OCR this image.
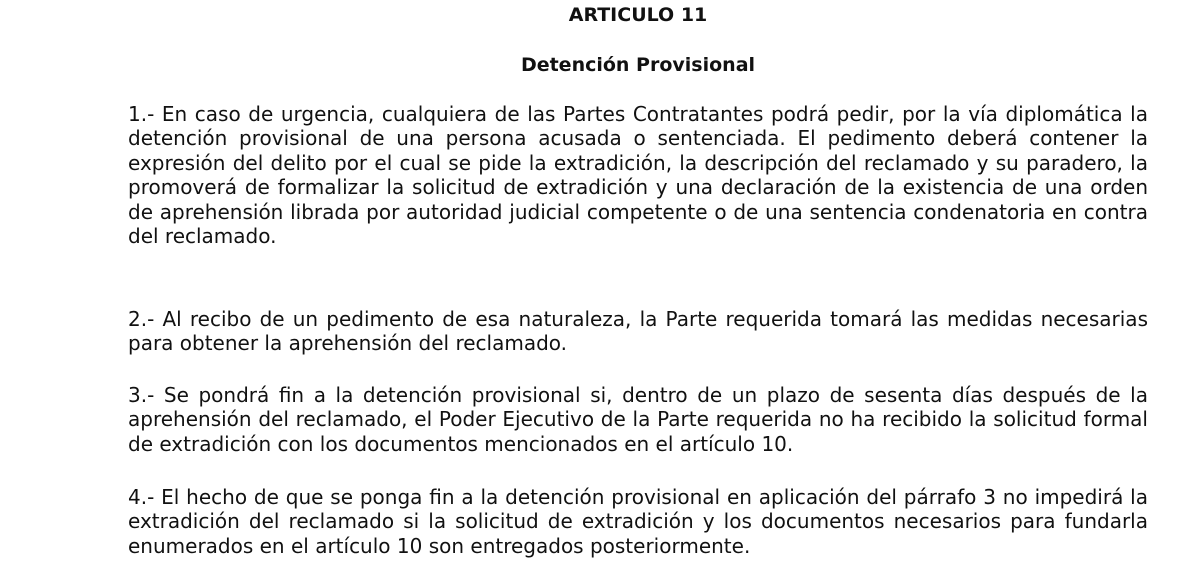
ARTICULO 11
Detención Provisional

1.- En caso de urgencia, cualquiera de las Partes Contratantes podrá pedir, por la vía diplomática la detención provisional de una persona acusada o sentenciada. El pedimento deberá contener la expresión del delito por el cual se pide la extradición, la descripción del reclamado y su paradero, la promoverá de formalizar la solicitud de extradición y una declaración de la existencia de una orden de aprehensión librada por autoridad judicial competente o de una sentencia condenatoria en contra del reclamado.

2.- Al recibo de un pedimento de esa naturaleza, la Parte requerida tomará las medidas necesarias para obtener la aprehensión del reclamado.

3.- Se pondrá fin a la detención provisional si, dentro de un plazo de sesenta días después de la aprehensión del reclamado, el Poder Ejecutivo de la Parte requerida no ha recibido la solicitud formal de extradición con los documentos mencionados en el artículo 10.

4.- El hecho de que se ponga fin a la detención provisional en aplicación del párrafo 3 no impedirá la extradición del reclamado si la solicitud de extradición y los documentos necesarios para fundarla enumerados en el artículo 10 son entregados posteriormente.
